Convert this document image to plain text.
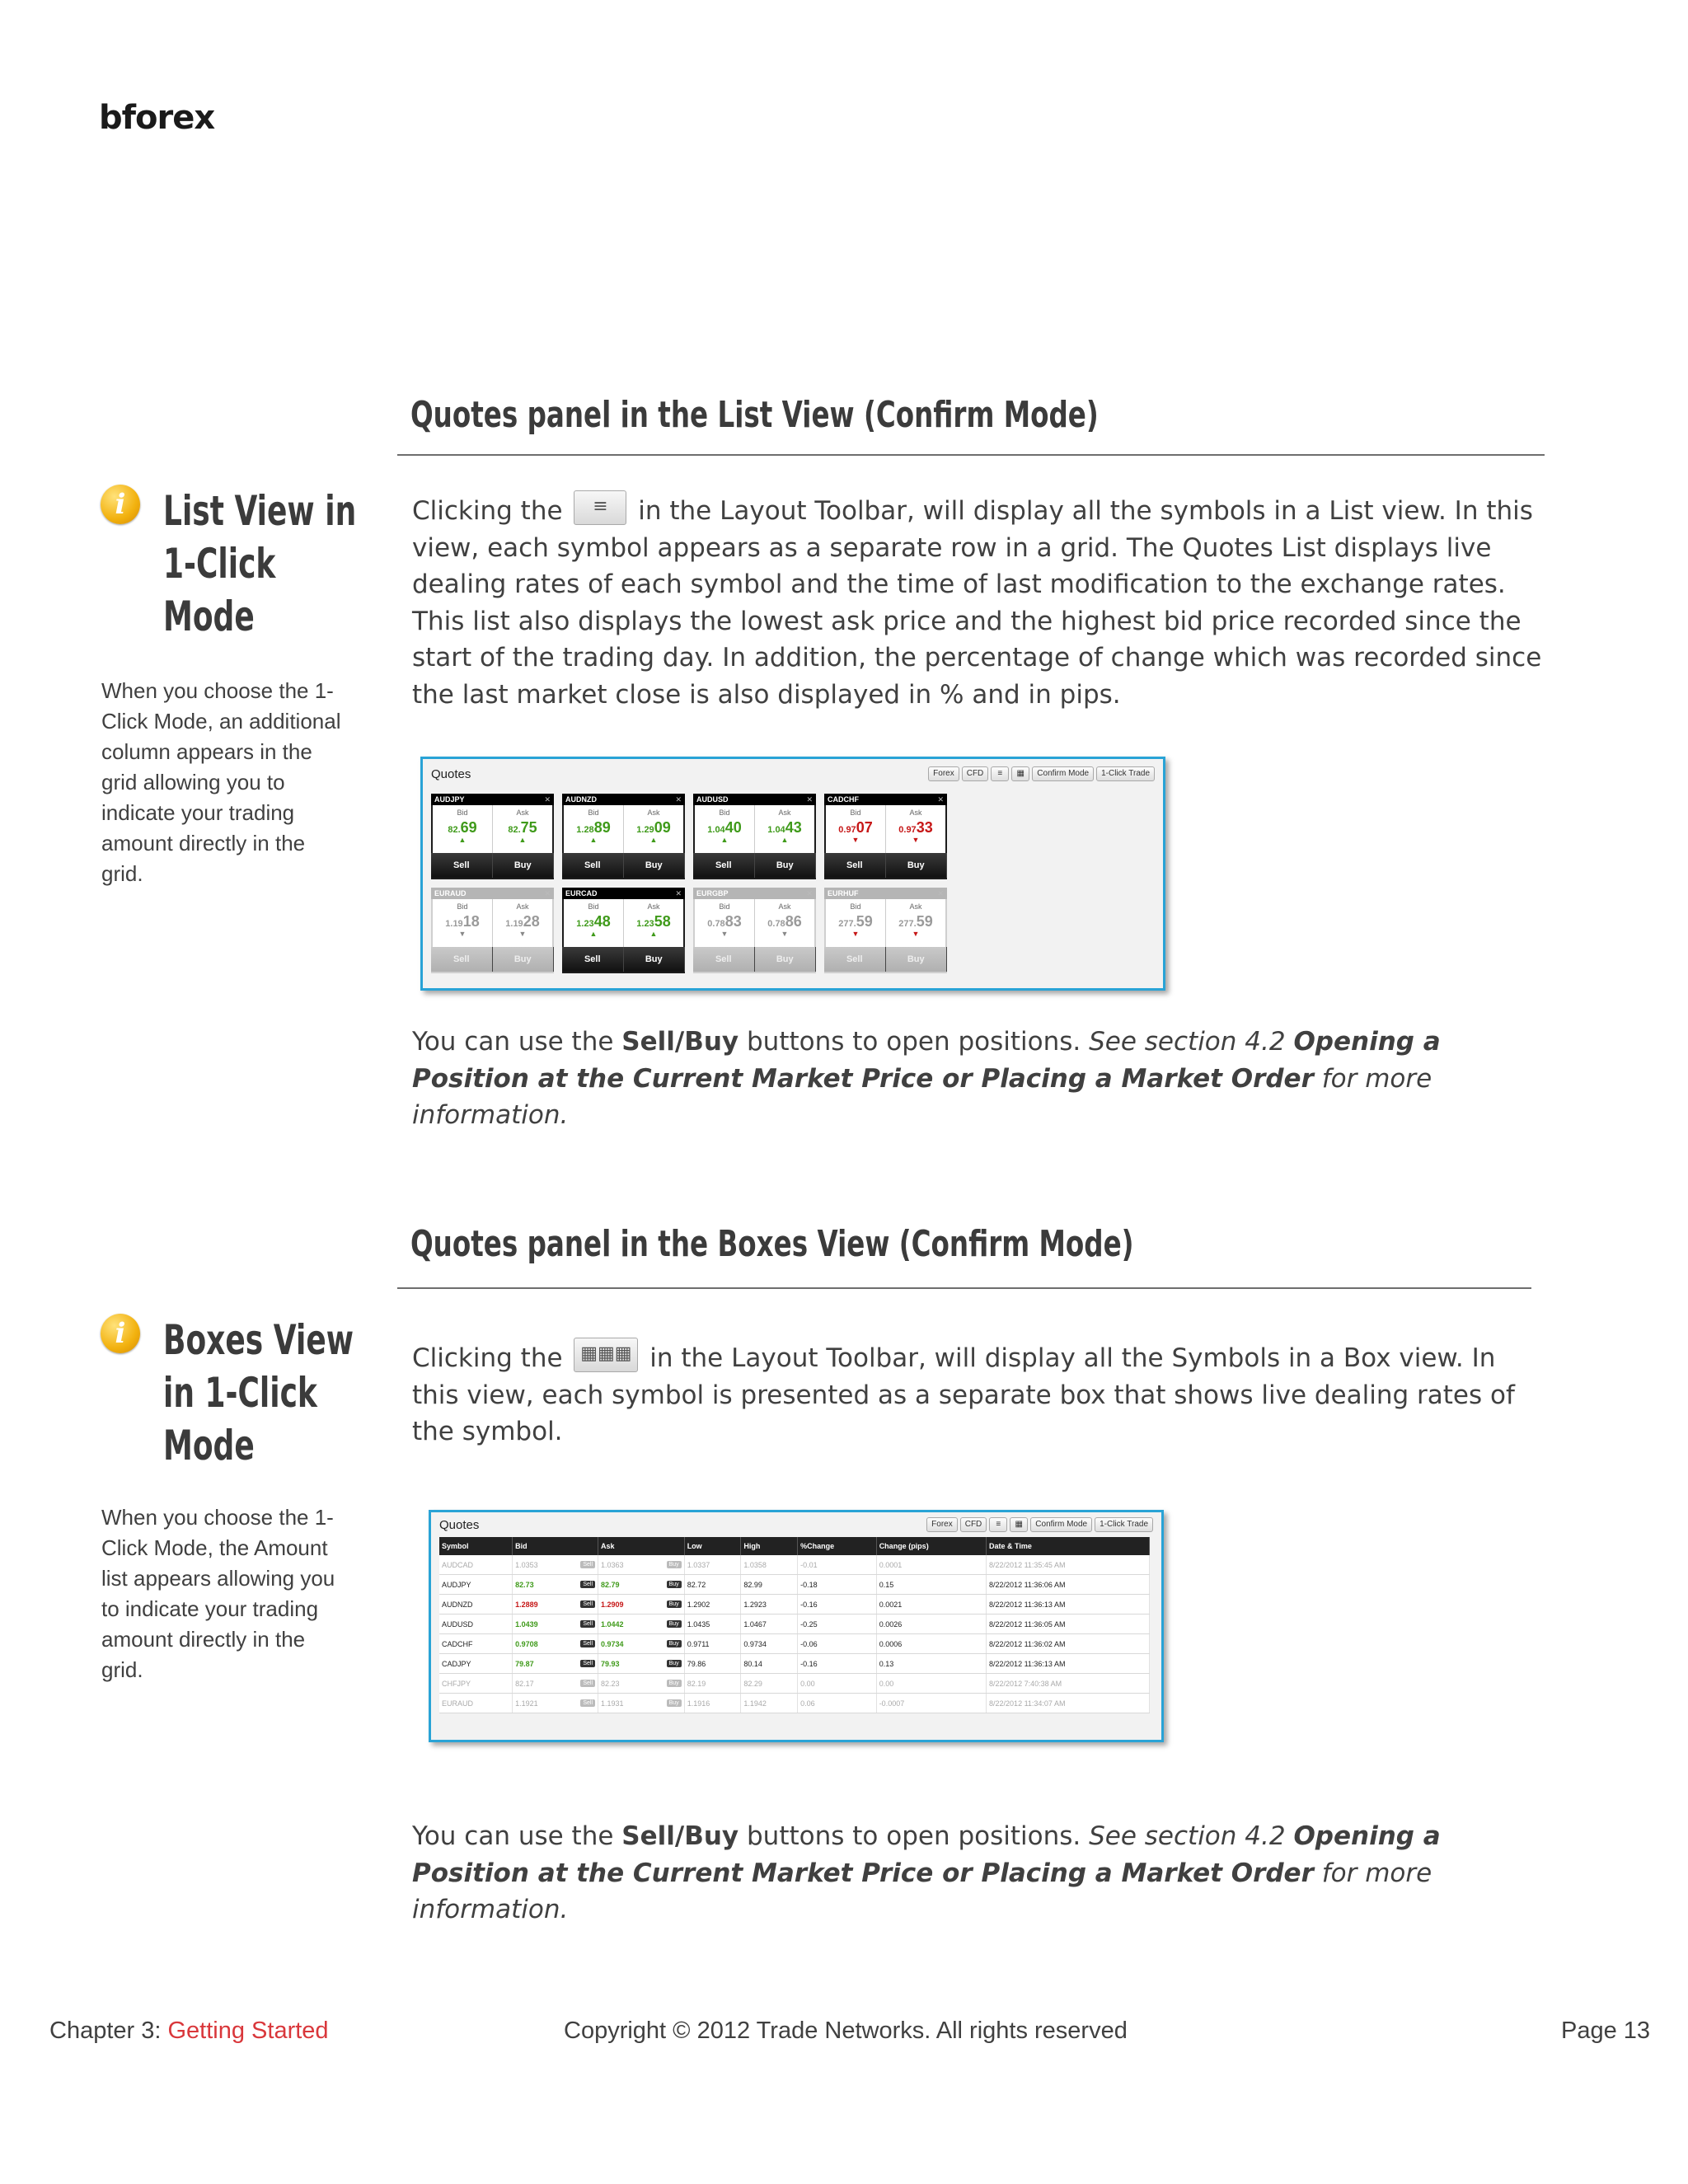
bforex
Quotes panel in the List View (Confirm Mode)
i List View in
1-Click
Mode
When you choose the 1-Click Mode, an additional column appears in the grid allowing you to indicate your trading amount directly in the grid.
Clicking the ≡ in the Layout Toolbar, will display all the symbols in a List view. In this view, each symbol appears as a separate row in a grid. The Quotes List displays live dealing rates of each symbol and the time of last modification to the exchange rates. This list also displays the lowest ask price and the highest bid price recorded since the start of the trading day. In addition, the percentage of change which was recorded since the last market close is also displayed in % and in pips.
Quotes	Forex	CFD	≡	▦	Confirm Mode	1-Click Trade
AUDJPY	✕
Bid
82.69
▲
Ask
82.75
▲
Sell	Buy
AUDNZD	✕
Bid
1.2889
▲
Ask
1.2909
▲
Sell	Buy
AUDUSD	✕
Bid
1.0440
▲
Ask
1.0443
▲
Sell	Buy
CADCHF	✕
Bid
0.9707
▼
Ask
0.9733
▼
Sell	Buy
EURAUD	✕
Bid
1.1918
▼
Ask
1.1928
▼
Sell	Buy
EURCAD	✕
Bid
1.2348
▲
Ask
1.2358
▲
Sell	Buy
EURGBP	✕
Bid
0.7883
▼
Ask
0.7886
▼
Sell	Buy
EURHUF	✕
Bid
277.59
▼
Ask
277.59
▼
Sell	Buy
You can use the Sell/Buy buttons to open positions. See section 4.2 Opening a Position at the Current Market Price or Placing a Market Order for more information.
Quotes panel in the Boxes View (Confirm Mode)
i Boxes View
in 1-Click
Mode
When you choose the 1-Click Mode, the Amount list appears allowing you to indicate your trading amount directly in the grid.
Clicking the ▦▦▦ in the Layout Toolbar, will display all the Symbols in a Box view. In this view, each symbol is presented as a separate box that shows live dealing rates of the symbol.
Quotes	Forex	CFD	≡	▦	Confirm Mode	1-Click Trade
Symbol	Bid	Ask	Low	High	%Change	Change (pips)	Date & Time
AUDCAD	1.0353 Sell	1.0363 Buy	1.0337	1.0358	-0.01	0.0001	8/22/2012 11:35:45 AM
AUDJPY	82.73 Sell	82.79 Buy	82.72	82.99	-0.18	0.15	8/22/2012 11:36:06 AM
AUDNZD	1.2889 Sell	1.2909 Buy	1.2902	1.2923	-0.16	0.0021	8/22/2012 11:36:13 AM
AUDUSD	1.0439 Sell	1.0442 Buy	1.0435	1.0467	-0.25	0.0026	8/22/2012 11:36:05 AM
CADCHF	0.9708 Sell	0.9734 Buy	0.9711	0.9734	-0.06	0.0006	8/22/2012 11:36:02 AM
CADJPY	79.87 Sell	79.93 Buy	79.86	80.14	-0.16	0.13	8/22/2012 11:36:13 AM
CHFJPY	82.17 Sell	82.23 Buy	82.19	82.29	0.00	0.00	8/22/2012 7:40:38 AM
EURAUD	1.1921 Sell	1.1931 Buy	1.1916	1.1942	0.06	-0.0007	8/22/2012 11:34:07 AM
You can use the Sell/Buy buttons to open positions. See section 4.2 Opening a Position at the Current Market Price or Placing a Market Order for more information.
Chapter 3: Getting Started	Copyright © 2012 Trade Networks. All rights reserved	Page 13
